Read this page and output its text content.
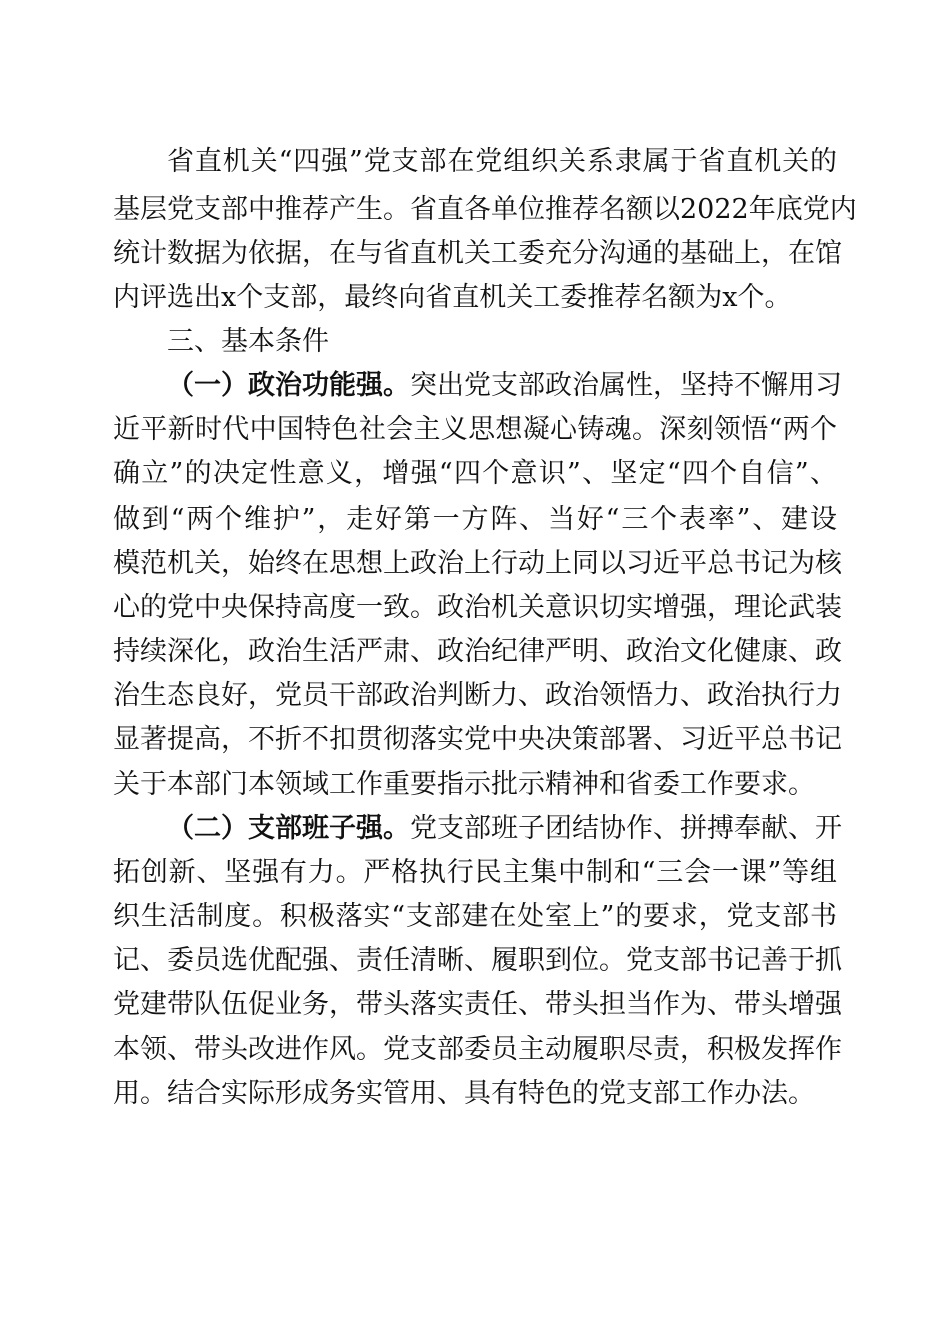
省直机关“四强”党支部在党组织关系隶属于省直机关的
基层党支部中推荐产生。省直各单位推荐名额以2022年底党内
统计数据为依据，在与省直机关工委充分沟通的基础上，在馆
内评选出x个支部，最终向省直机关工委推荐名额为x个。
三、基本条件
（一）政治功能强。突出党支部政治属性，坚持不懈用习
近平新时代中国特色社会主义思想凝心铸魂。深刻领悟“两个
确立”的决定性意义，增强“四个意识”、坚定“四个自信”、
做到“两个维护”，走好第一方阵、当好“三个表率”、建设
模范机关，始终在思想上政治上行动上同以习近平总书记为核
心的党中央保持高度一致。政治机关意识切实增强，理论武装
持续深化，政治生活严肃、政治纪律严明、政治文化健康、政
治生态良好，党员干部政治判断力、政治领悟力、政治执行力
显著提高，不折不扣贯彻落实党中央决策部署、习近平总书记
关于本部门本领域工作重要指示批示精神和省委工作要求。
（二）支部班子强。党支部班子团结协作、拼搏奉献、开
拓创新、坚强有力。严格执行民主集中制和“三会一课”等组
织生活制度。积极落实“支部建在处室上”的要求，党支部书
记、委员选优配强、责任清晰、履职到位。党支部书记善于抓
党建带队伍促业务，带头落实责任、带头担当作为、带头增强
本领、带头改进作风。党支部委员主动履职尽责，积极发挥作
用。结合实际形成务实管用、具有特色的党支部工作办法。
